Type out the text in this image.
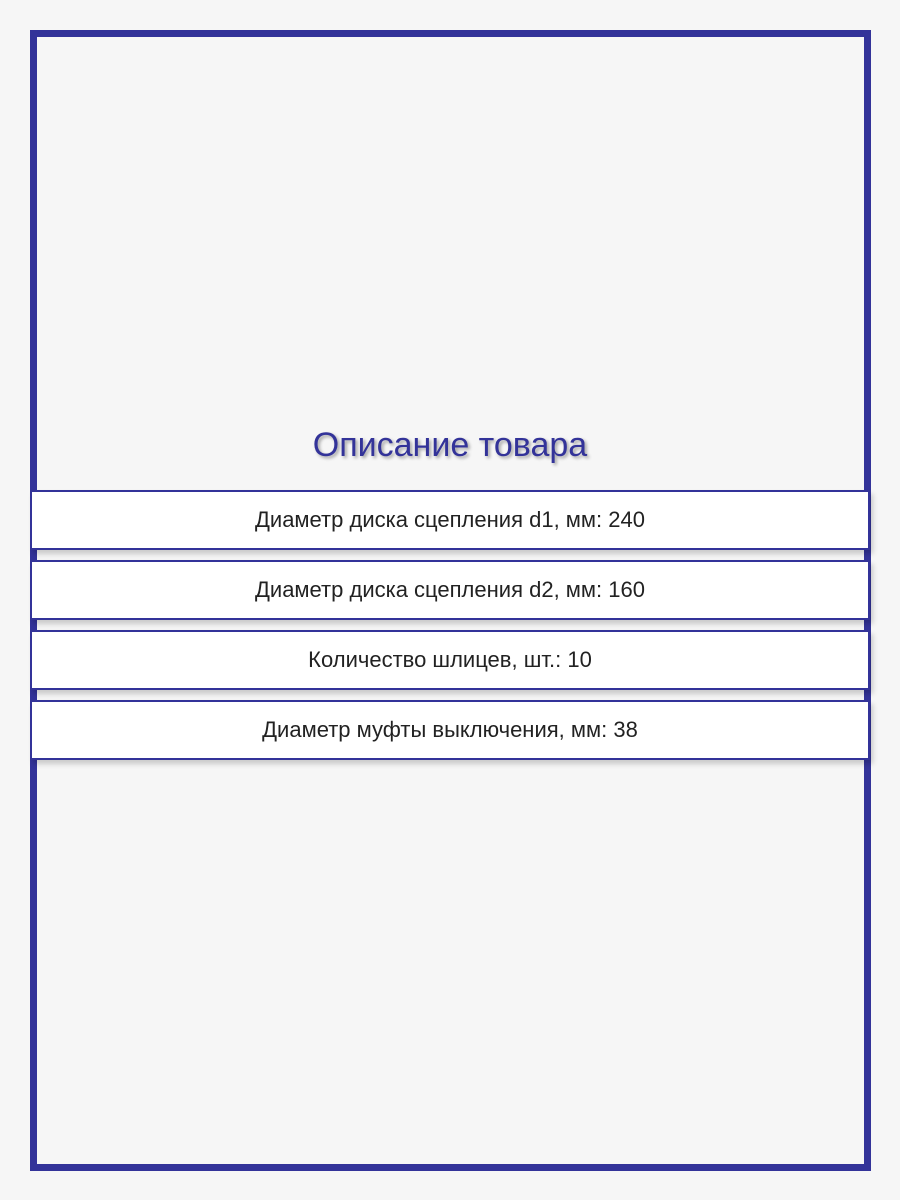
Описание товара
Диаметр диска сцепления d1, мм: 240
Диаметр диска сцепления d2, мм: 160
Количество шлицев, шт.: 10
Диаметр муфты выключения, мм: 38
